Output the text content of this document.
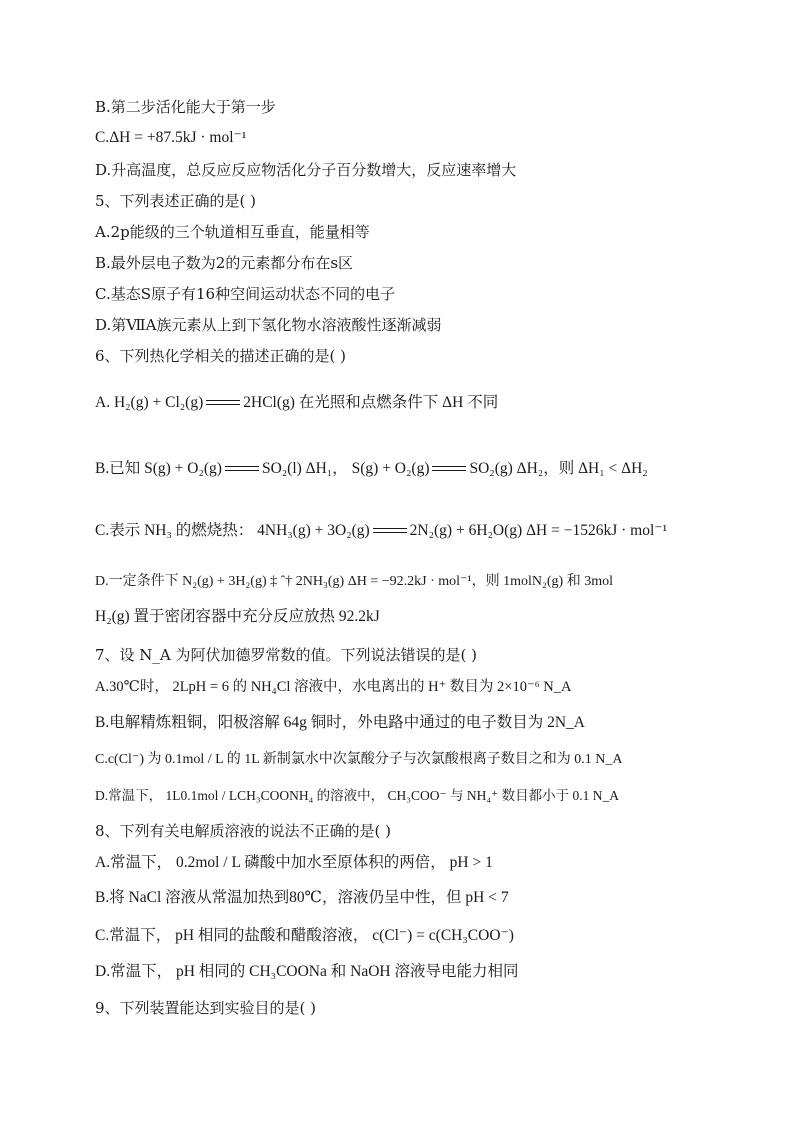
B.第二步活化能大于第一步
C.ΔH = +87.5kJ · mol⁻¹
D.升高温度，总反应反应物活化分子百分数增大，反应速率增大
5、下列表述正确的是( )
A.2p能级的三个轨道相互垂直，能量相等
B.最外层电子数为2的元素都分布在s区
C.基态S原子有16种空间运动状态不同的电子
D.第ⅦA族元素从上到下氢化物水溶液酸性逐渐减弱
6、下列热化学相关的描述正确的是( )
A. H₂(g) + Cl₂(g)	2HCl(g) 在光照和点燃条件下 ΔH 不同
B.已知 S(g) + O₂(g)	SO₂(l) ΔH₁， S(g) + O₂(g)	SO₂(g) ΔH₂，则 ΔH₁ < ΔH₂
C.表示 NH₃ 的燃烧热： 4NH₃(g) + 3O₂(g)	2N₂(g) + 6H₂O(g) ΔH = −1526kJ · mol⁻¹
D.一定条件下 N₂(g) + 3H₂(g) ‡ ˆ† 2NH₃(g) ΔH = −92.2kJ · mol⁻¹，则 1molN₂(g) 和 3mol
H₂(g) 置于密闭容器中充分反应放热 92.2kJ
7、设 N_A 为阿伏加德罗常数的值。下列说法错误的是( )
A.30℃时， 2LpH = 6 的 NH₄Cl 溶液中，水电离出的 H⁺ 数目为 2×10⁻⁶ N_A
B.电解精炼粗铜，阳极溶解 64g 铜时，外电路中通过的电子数目为 2N_A
C.c(Cl⁻) 为 0.1mol / L 的 1L 新制氯水中次氯酸分子与次氯酸根离子数目之和为 0.1 N_A
D.常温下， 1L0.1mol / LCH₃COONH₄ 的溶液中， CH₃COO⁻ 与 NH₄⁺ 数目都小于 0.1 N_A
8、下列有关电解质溶液的说法不正确的是( )
A.常温下， 0.2mol / L 磷酸中加水至原体积的两倍， pH > 1
B.将 NaCl 溶液从常温加热到80℃，溶液仍呈中性，但 pH < 7
C.常温下， pH 相同的盐酸和醋酸溶液， c(Cl⁻) = c(CH₃COO⁻)
D.常温下， pH 相同的 CH₃COONa 和 NaOH 溶液导电能力相同
9、下列装置能达到实验目的是( )
